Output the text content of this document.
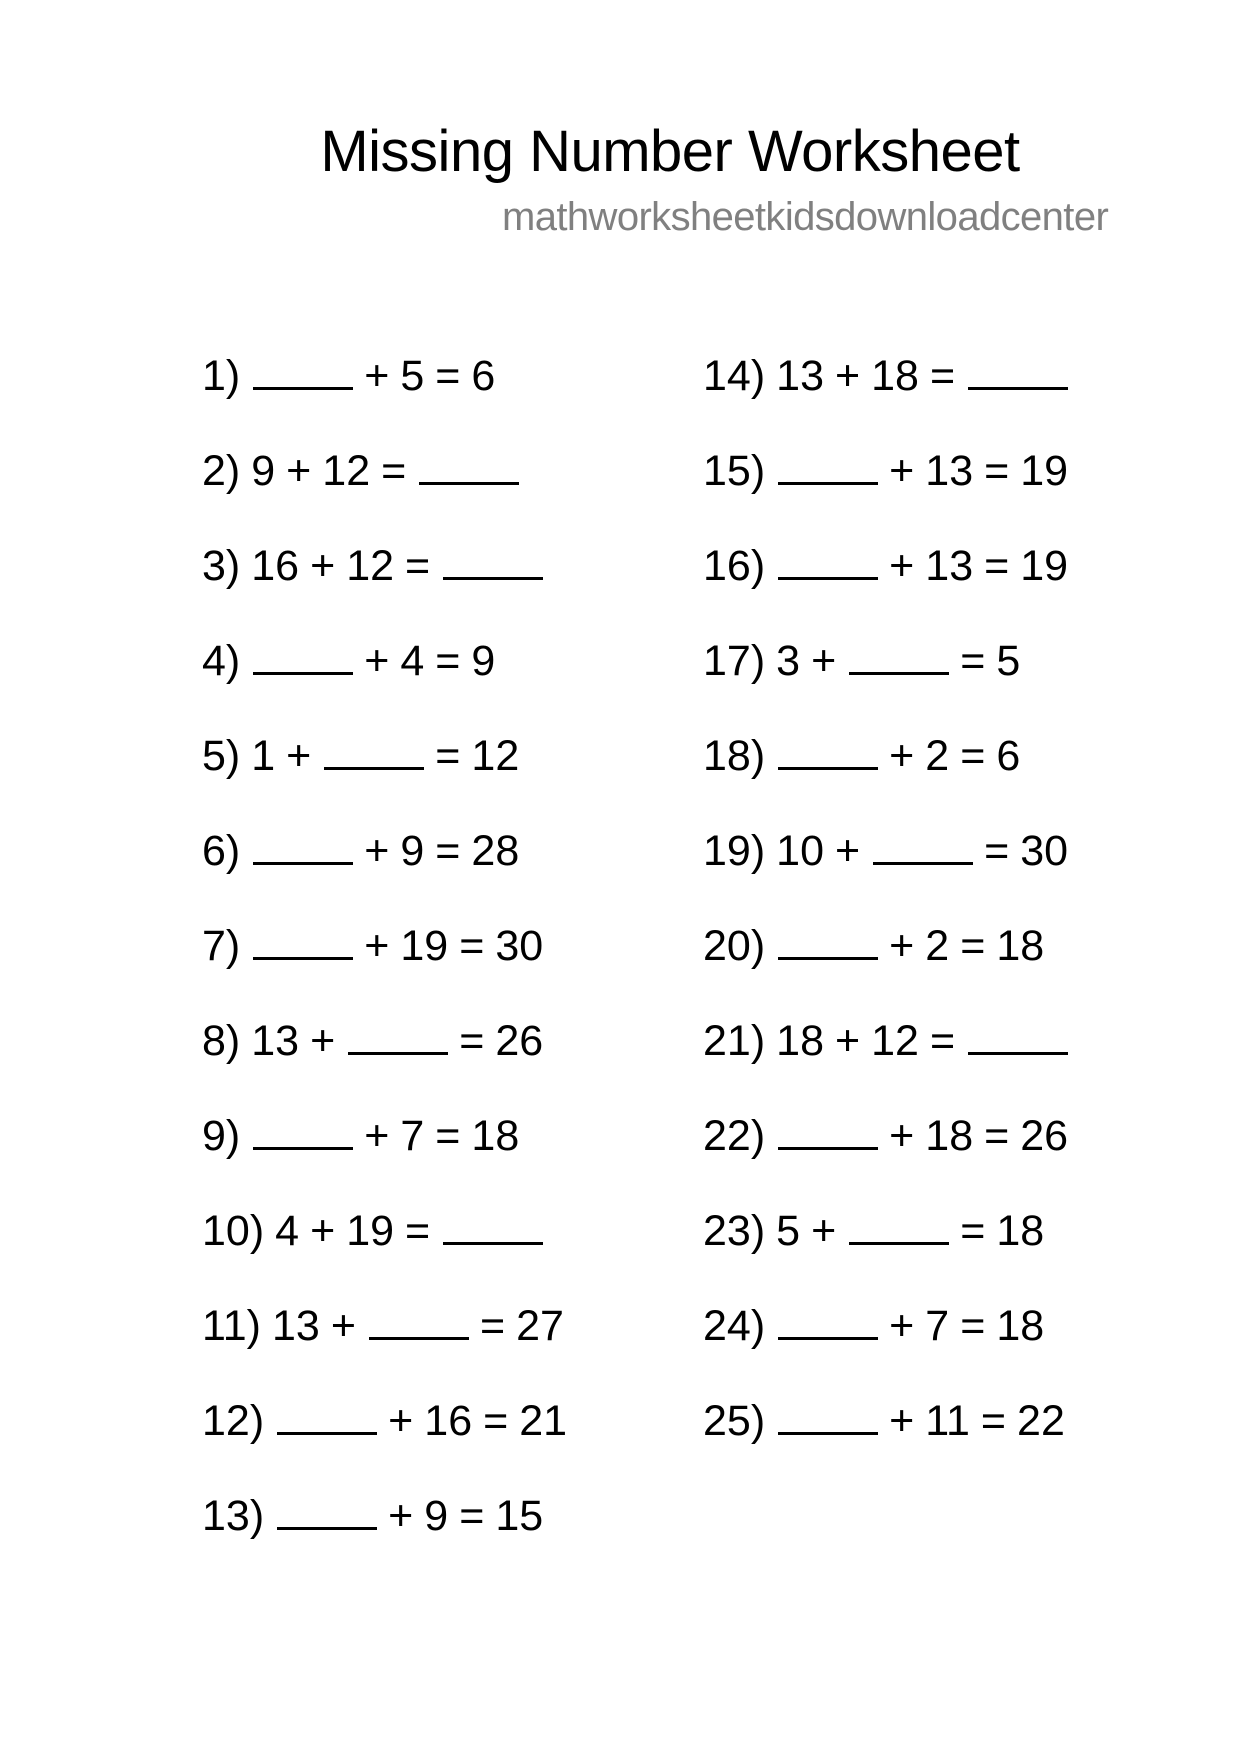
Missing Number Worksheet
mathworksheetkidsdownloadcenter
1)	+ 5 = 6
2) 9 + 12 =
3) 16 + 12 =
4)	+ 4 = 9
5) 1 +	= 12
6)	+ 9 = 28
7)	+ 19 = 30
8) 13 +	= 26
9)	+ 7 = 18
10) 4 + 19 =
11) 13 +	= 27
12)	+ 16 = 21
13)	+ 9 = 15
14) 13 + 18 =
15)	+ 13 = 19
16)	+ 13 = 19
17) 3 +	= 5
18)	+ 2 = 6
19) 10 +	= 30
20)	+ 2 = 18
21) 18 + 12 =
22)	+ 18 = 26
23) 5 +	= 18
24)	+ 7 = 18
25)	+ 11 = 22
